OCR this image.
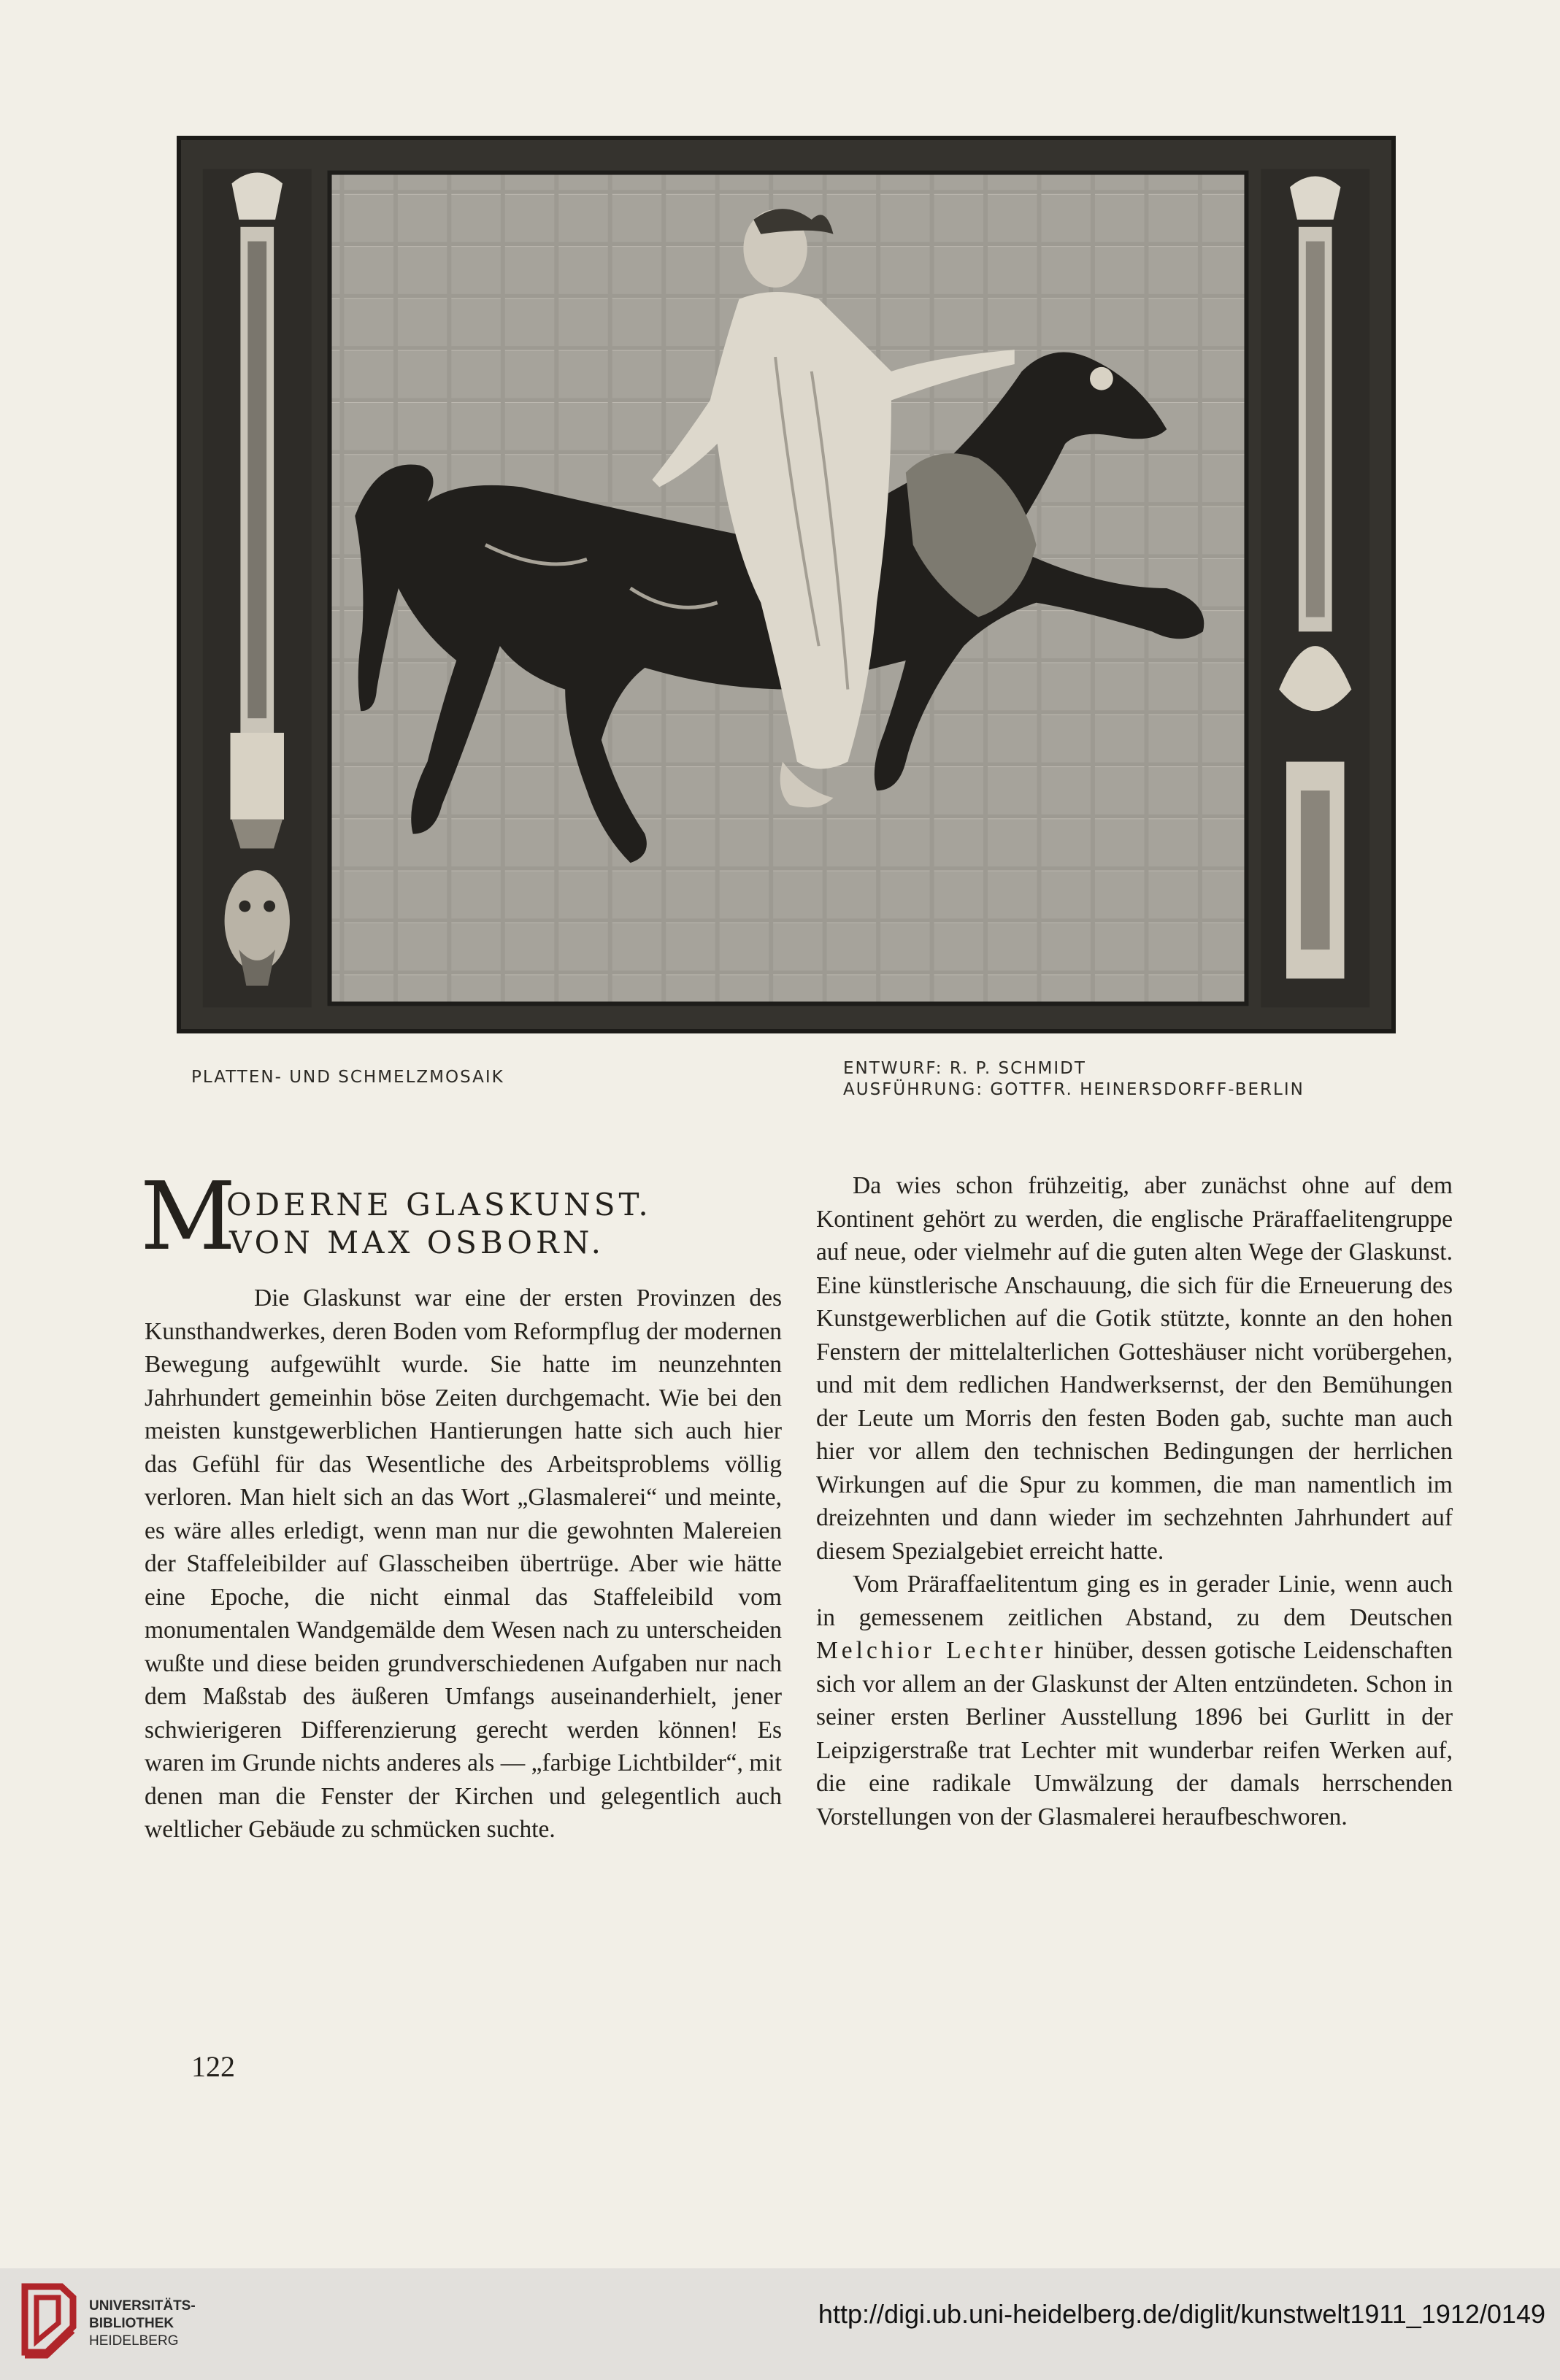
PLATTEN- UND SCHMELZMOSAIK	ENTWURF: R. P. SCHMIDT
AUSFÜHRUNG: GOTTFR. HEINERSDORFF-BERLIN
M
ODERNE GLASKUNST.
VON MAX OSBORN.

Die Glaskunst war eine der ersten Provinzen des Kunsthandwerkes, deren Boden vom Reformpflug der modernen Bewegung aufgewühlt wurde. Sie hatte im neunzehnten Jahrhundert gemeinhin böse Zeiten durchgemacht. Wie bei den meisten kunstgewerblichen Hantierungen hatte sich auch hier das Gefühl für das Wesentliche des Arbeitsproblems völlig verloren. Man hielt sich an das Wort „Glasmalerei“ und meinte, es wäre alles erledigt, wenn man nur die gewohnten Malereien der Staffeleibilder auf Glasscheiben übertrüge. Aber wie hätte eine Epoche, die nicht einmal das Staffeleibild vom monumentalen Wandgemälde dem Wesen nach zu unterscheiden wußte und diese beiden grundverschiedenen Aufgaben nur nach dem Maßstab des äußeren Umfangs auseinanderhielt, jener schwierigeren Differenzierung gerecht werden können! Es waren im Grunde nichts anderes als — „farbige Lichtbilder“, mit denen man die Fenster der Kirchen und gelegentlich auch weltlicher Gebäude zu schmücken suchte.

Da wies schon frühzeitig, aber zunächst ohne auf dem Kontinent gehört zu werden, die englische Präraffaelitengruppe auf neue, oder vielmehr auf die guten alten Wege der Glaskunst. Eine künstlerische Anschauung, die sich für die Erneuerung des Kunstgewerblichen auf die Gotik stützte, konnte an den hohen Fenstern der mittelalterlichen Gotteshäuser nicht vorübergehen, und mit dem redlichen Handwerksernst, der den Bemühungen der Leute um Morris den festen Boden gab, suchte man auch hier vor allem den technischen Bedingungen der herrlichen Wirkungen auf die Spur zu kommen, die man namentlich im dreizehnten und dann wieder im sechzehnten Jahrhundert auf diesem Spezialgebiet erreicht hatte.

Vom Präraffaelitentum ging es in gerader Linie, wenn auch in gemessenem zeitlichen Abstand, zu dem Deutschen Melchior Lechter hinüber, dessen gotische Leidenschaften sich vor allem an der Glaskunst der Alten entzündeten. Schon in seiner ersten Berliner Ausstellung 1896 bei Gurlitt in der Leipzigerstraße trat Lechter mit wunderbar reifen Werken auf, die eine radikale Umwälzung der damals herrschenden Vorstellungen von der Glasmalerei heraufbeschworen.

122
UNIVERSITÄTS-
BIBLIOTHEK
HEIDELBERG
http://digi.ub.uni-heidelberg.de/diglit/kunstwelt1911_1912/0149
